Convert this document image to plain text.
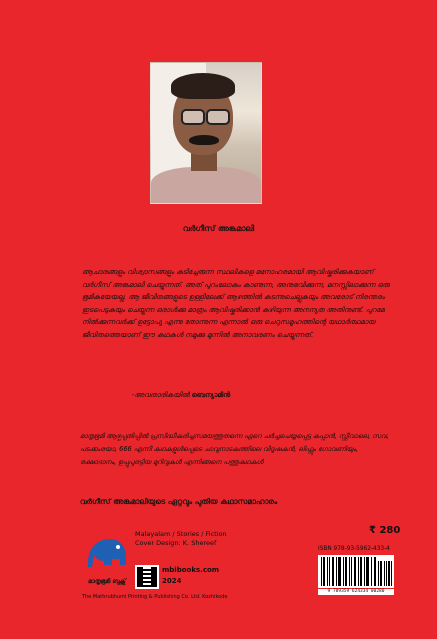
വർഗീസ് അങ്കമാലി
ആചാരങ്ങളും വിശ്വാസങ്ങളും കുടിച്ചേരുന്ന സ്ഥലികളെ മനോഹരമായി ആവിഷ്കരിക്കുകയാണ് വർഗീസ് അങ്കമാലി ചെയ്യുന്നത്. അത് പുറംലോകം കാണുന്ന, അനുഭവിക്കുന്ന, മനസ്സിലാക്കുന്ന ഒരു ഭൂമികയേയല്ല. ആ ജീവിതങ്ങളുടെ ഉള്ളിലേക്ക് ആഴത്തിൽ കടന്നുചെല്ലുകയും അവരോട് നിരന്തരം ഇടപെടുകയും ചെയ്യുന്ന ഒരാൾക്കു മാത്രം ആവിഷ്കരിക്കാൻ കഴിയുന്ന അനന്യത അതിനുണ്ട്. പുറമേ നിൽക്കുന്നവർക്ക് ഉട്ടോപ്യ എന്നു തോന്നുന്ന എന്നാൽ ഒരു ചെറുസമൂഹത്തിന്റെ യഥാർത്ഥമായ ജീവിതത്തെയാണ് ഈ കഥകൾ നമുക്കു മുന്നിൽ അനാവരണം ചെയ്യുന്നത്.
-അവതാരികയിൽ ബെന്യാമിൻ
മാതൃഭൂമി ആഴ്ചപ്പതിപ്പിൽ പ്രസിദ്ധീകരിച്ചസമയത്തുതന്നെ ഏറെ ചർച്ചചെയ്യപ്പെട്ട കപ്പാൻ, സ്റ്റീവാലെ, സവ, പടക്കംരയാ, 666 എന്നീ കഥകളുൾപ്പെടെ ചാവുനാടകത്തിലെ വിദൂഷകൻ, ലിഫ്റ്റും ഗോവണിയും, രക്ഷാദാനം, ഉപ്പുപുരട്ടിയ മുറിവുകൾ എന്നിങ്ങനെ പത്തുകഥകൾ
വർഗീസ് അങ്കമാലിയുടെ ഏറ്റവും പുതിയ കഥാസമാഹാരം
മാതൃഭൂമി ബുക്സ്
mbibooks.com
2024
The Mathrubhumi Printing & Publishing Co. Ltd. Kozhikode
Malayalam / Stories / Fiction
Cover Design: K. Shereef
₹ 280
ISBN 978-93-5962-433-4
9 789359 624334 00280
